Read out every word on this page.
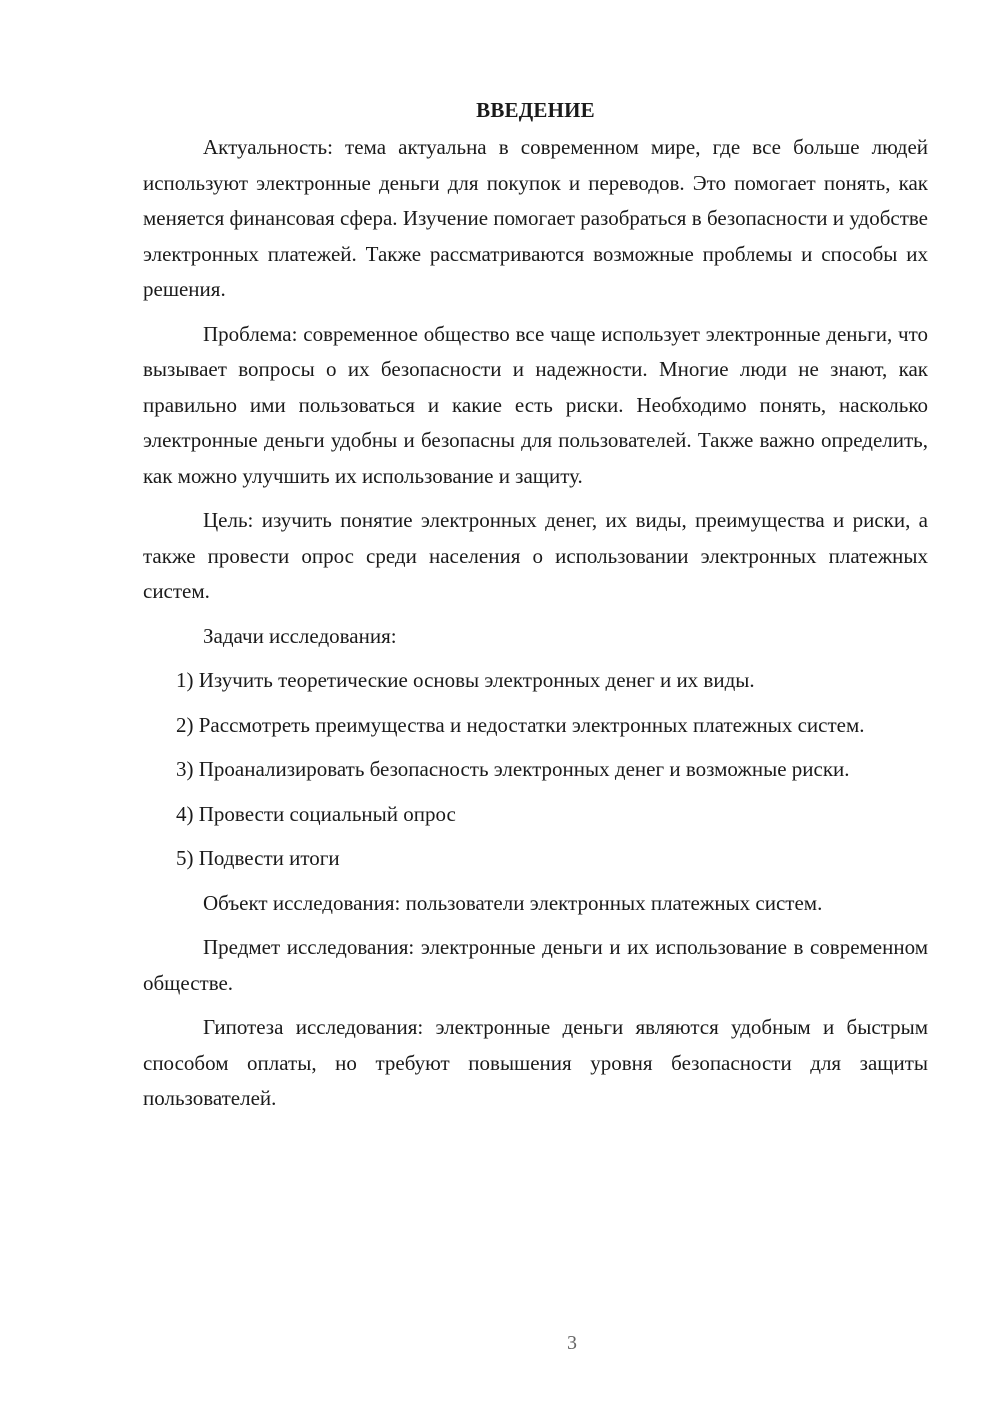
ВВЕДЕНИЕ

Актуальность: тема актуальна в современном мире, где все больше людей используют электронные деньги для покупок и переводов. Это помогает понять, как меняется финансовая сфера. Изучение помогает разобраться в безопасности и удобстве электронных платежей. Также рассматриваются возможные проблемы и способы их решения.

Проблема: современное общество все чаще использует электронные деньги, что вызывает вопросы о их безопасности и надежности. Многие люди не знают, как правильно ими пользоваться и какие есть риски. Необходимо понять, насколько электронные деньги удобны и безопасны для пользователей. Также важно определить, как можно улучшить их использование и защиту.

Цель: изучить понятие электронных денег, их виды, преимущества и риски, а также провести опрос среди населения о использовании электронных платежных систем.

Задачи исследования:

1) Изучить теоретические основы электронных денег и их виды.

2) Рассмотреть преимущества и недостатки электронных платежных систем.

3) Проанализировать безопасность электронных денег и возможные риски.

4) Провести социальный опрос

5) Подвести итоги

Объект исследования: пользователи электронных платежных систем.

Предмет исследования: электронные деньги и их использование в современном обществе.

Гипотеза исследования: электронные деньги являются удобным и быстрым способом оплаты, но требуют повышения уровня безопасности для защиты пользователей.

3
